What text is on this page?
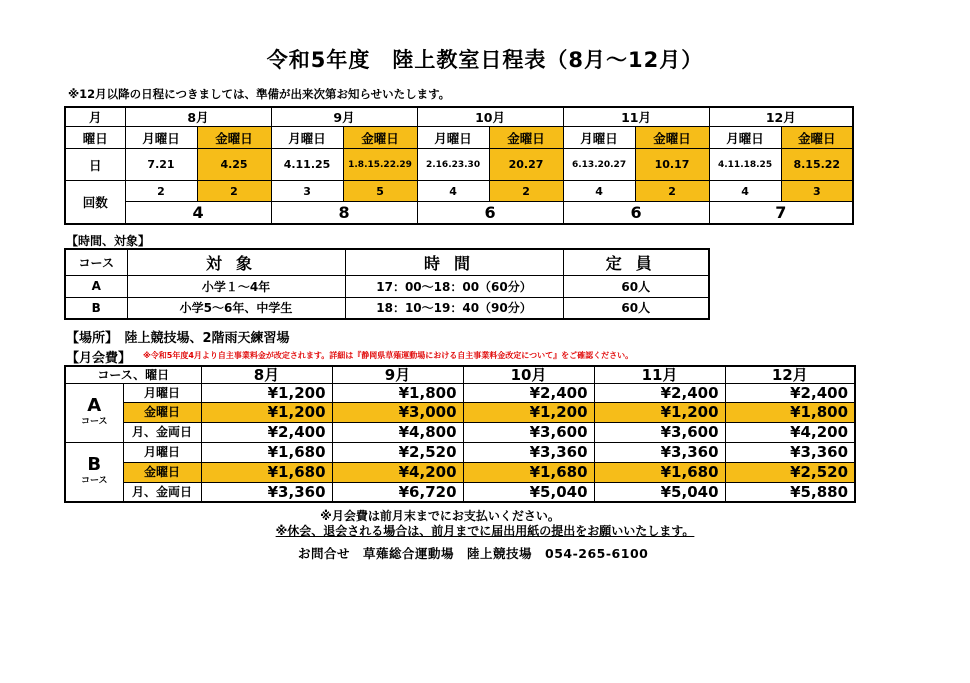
令和5年度　陸上教室日程表（8月～12月）
※12月以降の日程につきましては、準備が出来次第お知らせいたします。
月	8月		9月		10月		11月		12月	
曜日	月曜日	金曜日	月曜日	金曜日	月曜日	金曜日	月曜日	金曜日	月曜日	金曜日
日	7.21	4.25	4.11.25	1.8.15.22.29	2.16.23.30	20.27	6.13.20.27	10.17	4.11.18.25	8.15.22
回数	2	2	3	5	4	2	4	2	4	3
	4		8		6		6		7	
【時間、対象】
コース	対象	時間	定員
A	小学１～4年	17：00～18：00（60分）	60人
B	小学5～6年、中学生	18：10～19：40（90分）	60人
【場所】　陸上競技場、2階雨天練習場
【月会費】 ※令和5年度4月より自主事業料金が改定されます。詳細は『静岡県草薙運動場における自主事業料金改定について』をご確認ください。
コース、曜日		8月	9月	10月	11月	12月

A
コース	月曜日	¥1,200	¥1,800	¥2,400	¥2,400	¥2,400
	金曜日	¥1,200	¥3,000	¥1,200	¥1,200	¥1,800
	月、金両日	¥2,400	¥4,800	¥3,600	¥3,600	¥4,200

B
コース	月曜日	¥1,680	¥2,520	¥3,360	¥3,360	¥3,360
	金曜日	¥1,680	¥4,200	¥1,680	¥1,680	¥2,520
	月、金両日	¥3,360	¥6,720	¥5,040	¥5,040	¥5,880
※月会費は前月末までにお支払いください。
※休会、退会される場合は、前月までに届出用紙の提出をお願いいたします。
お問合せ　草薙総合運動場　陸上競技場　054-265-6100
